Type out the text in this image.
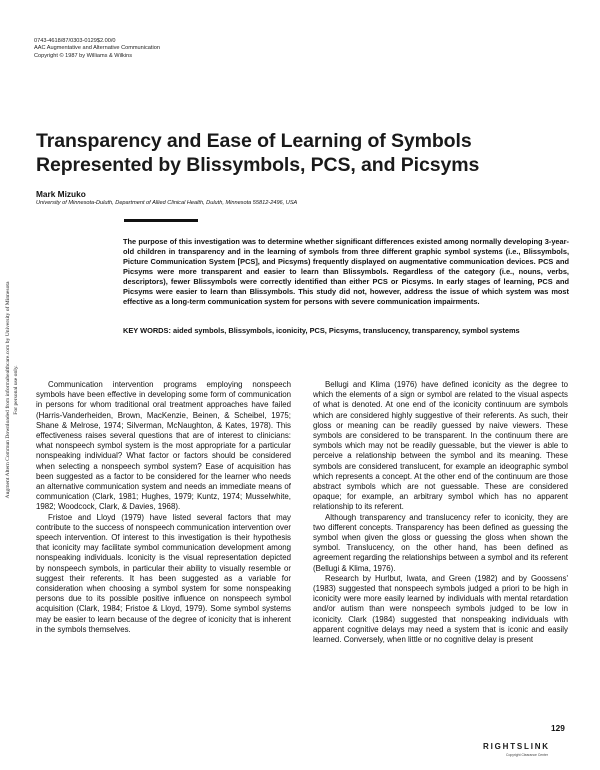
0743-4618/87/0303-0129$2.00/0
AAC Augmentative and Alternative Communication
Copyright © 1987 by Williams & Wilkins
Augment Altern Commun Downloaded from informahealthcare.com by University of Minnesota For personal use only.
Transparency and Ease of Learning of Symbols
Represented by Blissymbols, PCS, and Picsyms
Mark Mizuko
University of Minnesota-Duluth, Department of Allied Clinical Health, Duluth, Minnesota 55812-2496, USA

The purpose of this investigation was to determine whether significant differences existed among normally developing 3-year-old children in transparency and in the learning of symbols from three different graphic symbol systems (i.e., Blissymbols, Picture Communication System [PCS], and Picsyms) frequently displayed on augmentative communication devices. PCS and Picsyms were more transparent and easier to learn than Blissymbols. Regardless of the category (i.e., nouns, verbs, descriptors), fewer Blissymbols were correctly identified than either PCS or Picsyms. In early stages of learning, PCS and Picsyms were easier to learn than Blissymbols. This study did not, however, address the issue of which system was most effective as a long-term communication system for persons with severe communication impairments.

KEY WORDS: aided symbols, Blissymbols, iconicity, PCS, Picsyms, translucency, transparency, symbol systems

Communication intervention programs employing nonspeech symbols have been effective in developing some form of communication in persons for whom traditional oral treatment approaches have failed (Harris-Vanderheiden, Brown, MacKenzie, Beinen, & Scheibel, 1975; Shane & Melrose, 1974; Silverman, McNaughton, & Kates, 1978). This effectiveness raises several questions that are of interest to clinicians: what nonspeech symbol system is the most appropriate for a particular nonspeaking individual? What factor or factors should be considered when selecting a nonspeech symbol system? Ease of acquisition has been suggested as a factor to be considered for the learner who needs an alternative communication system and needs an immediate means of communication (Clark, 1981; Hughes, 1979; Kuntz, 1974; Musselwhite, 1982; Woodcock, Clark, & Davies, 1968).

Fristoe and Lloyd (1979) have listed several factors that may contribute to the success of nonspeech communication intervention over speech intervention. Of interest to this investigation is their hypothesis that iconicity may facilitate symbol communication development among nonspeaking individuals. Iconicity is the visual representation depicted by nonspeech symbols, in particular their ability to visually resemble or suggest their referents. It has been suggested as a variable for consideration when choosing a symbol system for some nonspeaking persons due to its possible positive influence on nonspeech symbol acquisition (Clark, 1984; Fristoe & Lloyd, 1979). Some symbol systems may be easier to learn because of the degree of iconicity that is inherent in the symbols themselves.

Bellugi and Klima (1976) have defined iconicity as the degree to which the elements of a sign or symbol are related to the visual aspects of what is denoted. At one end of the iconicity continuum are symbols which are considered highly suggestive of their referents. As such, their gloss or meaning can be readily guessed by naive viewers. These symbols are considered to be transparent. In the continuum there are symbols which may not be readily guessable, but the viewer is able to perceive a relationship between the symbol and its meaning. These symbols are considered translucent, for example an ideographic symbol which represents a concept. At the other end of the continuum are those abstract symbols which are not guessable. These are considered opaque; for example, an arbitrary symbol which has no apparent relationship to its referent.

Although transparency and translucency refer to iconicity, they are two different concepts. Transparency has been defined as guessing the symbol when given the gloss or guessing the gloss when shown the symbol. Translucency, on the other hand, has been defined as agreement regarding the relationships between a symbol and its referent (Bellugi & Klima, 1976).

Research by Hurlbut, Iwata, and Green (1982) and by Goossens' (1983) suggested that nonspeech symbols judged a priori to be high in iconicity were more easily learned by individuals with mental retardation and/or autism than were nonspeech symbols judged to be low in iconicity. Clark (1984) suggested that nonspeaking individuals with apparent cognitive delays may need a system that is iconic and easily learned. Conversely, when little or no cognitive delay is present

129
RIGHTSLINK
Copyright Clearance Center
